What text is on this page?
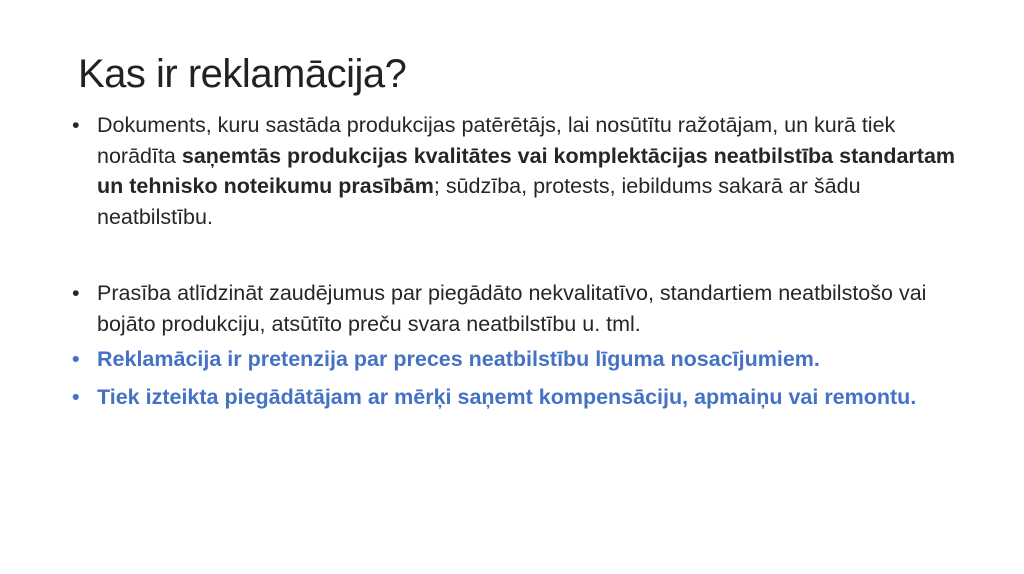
Kas ir reklamācija?
• Dokuments, kuru sastāda produkcijas patērētājs, lai nosūtītu ražotājam, un kurā tiek norādīta saņemtās produkcijas kvalitātes vai komplektācijas neatbilstība standartam un tehnisko noteikumu prasībām; sūdzība, protests, iebildums sakarā ar šādu neatbilstību.
• Prasība atlīdzināt zaudējumus par piegādāto nekvalitatīvo, standartiem neatbilstošo vai bojāto produkciju, atsūtīto preču svara neatbilstību u. tml.
• Reklamācija ir pretenzija par preces neatbilstību līguma nosacījumiem.
• Tiek izteikta piegādātājam ar mērķi saņemt kompensāciju, apmaiņu vai remontu.
